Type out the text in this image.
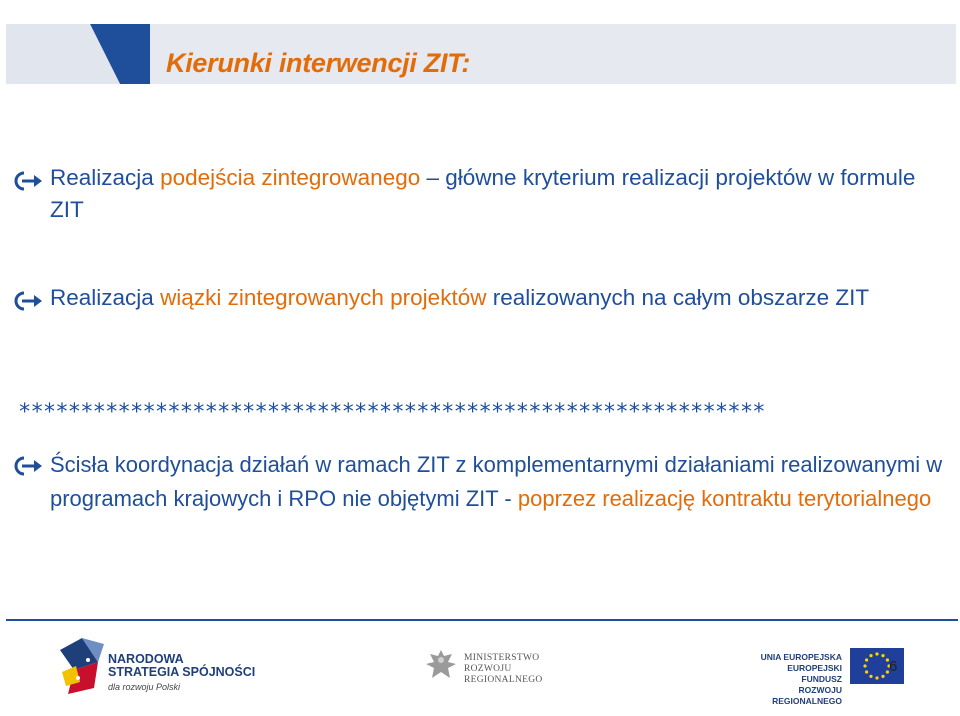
Kierunki interwencji ZIT:
Realizacja podejścia zintegrowanego – główne kryterium realizacji projektów w formule ZIT
Realizacja wiązki zintegrowanych projektów realizowanych na całym obszarze ZIT
************************************************************
Ścisła koordynacja działań w ramach ZIT z komplementarnymi działaniami realizowanymi w programach krajowych i RPO nie objętymi ZIT - poprzez realizację kontraktu terytorialnego
NARODOWA
STRATEGIA SPÓJNOŚCI
dla rozwoju Polski
MINISTERSTWO
ROZWOJU
REGIONALNEGO
UNIA EUROPEJSKA
EUROPEJSKI FUNDUSZ
ROZWOJU REGIONALNEGO
6
